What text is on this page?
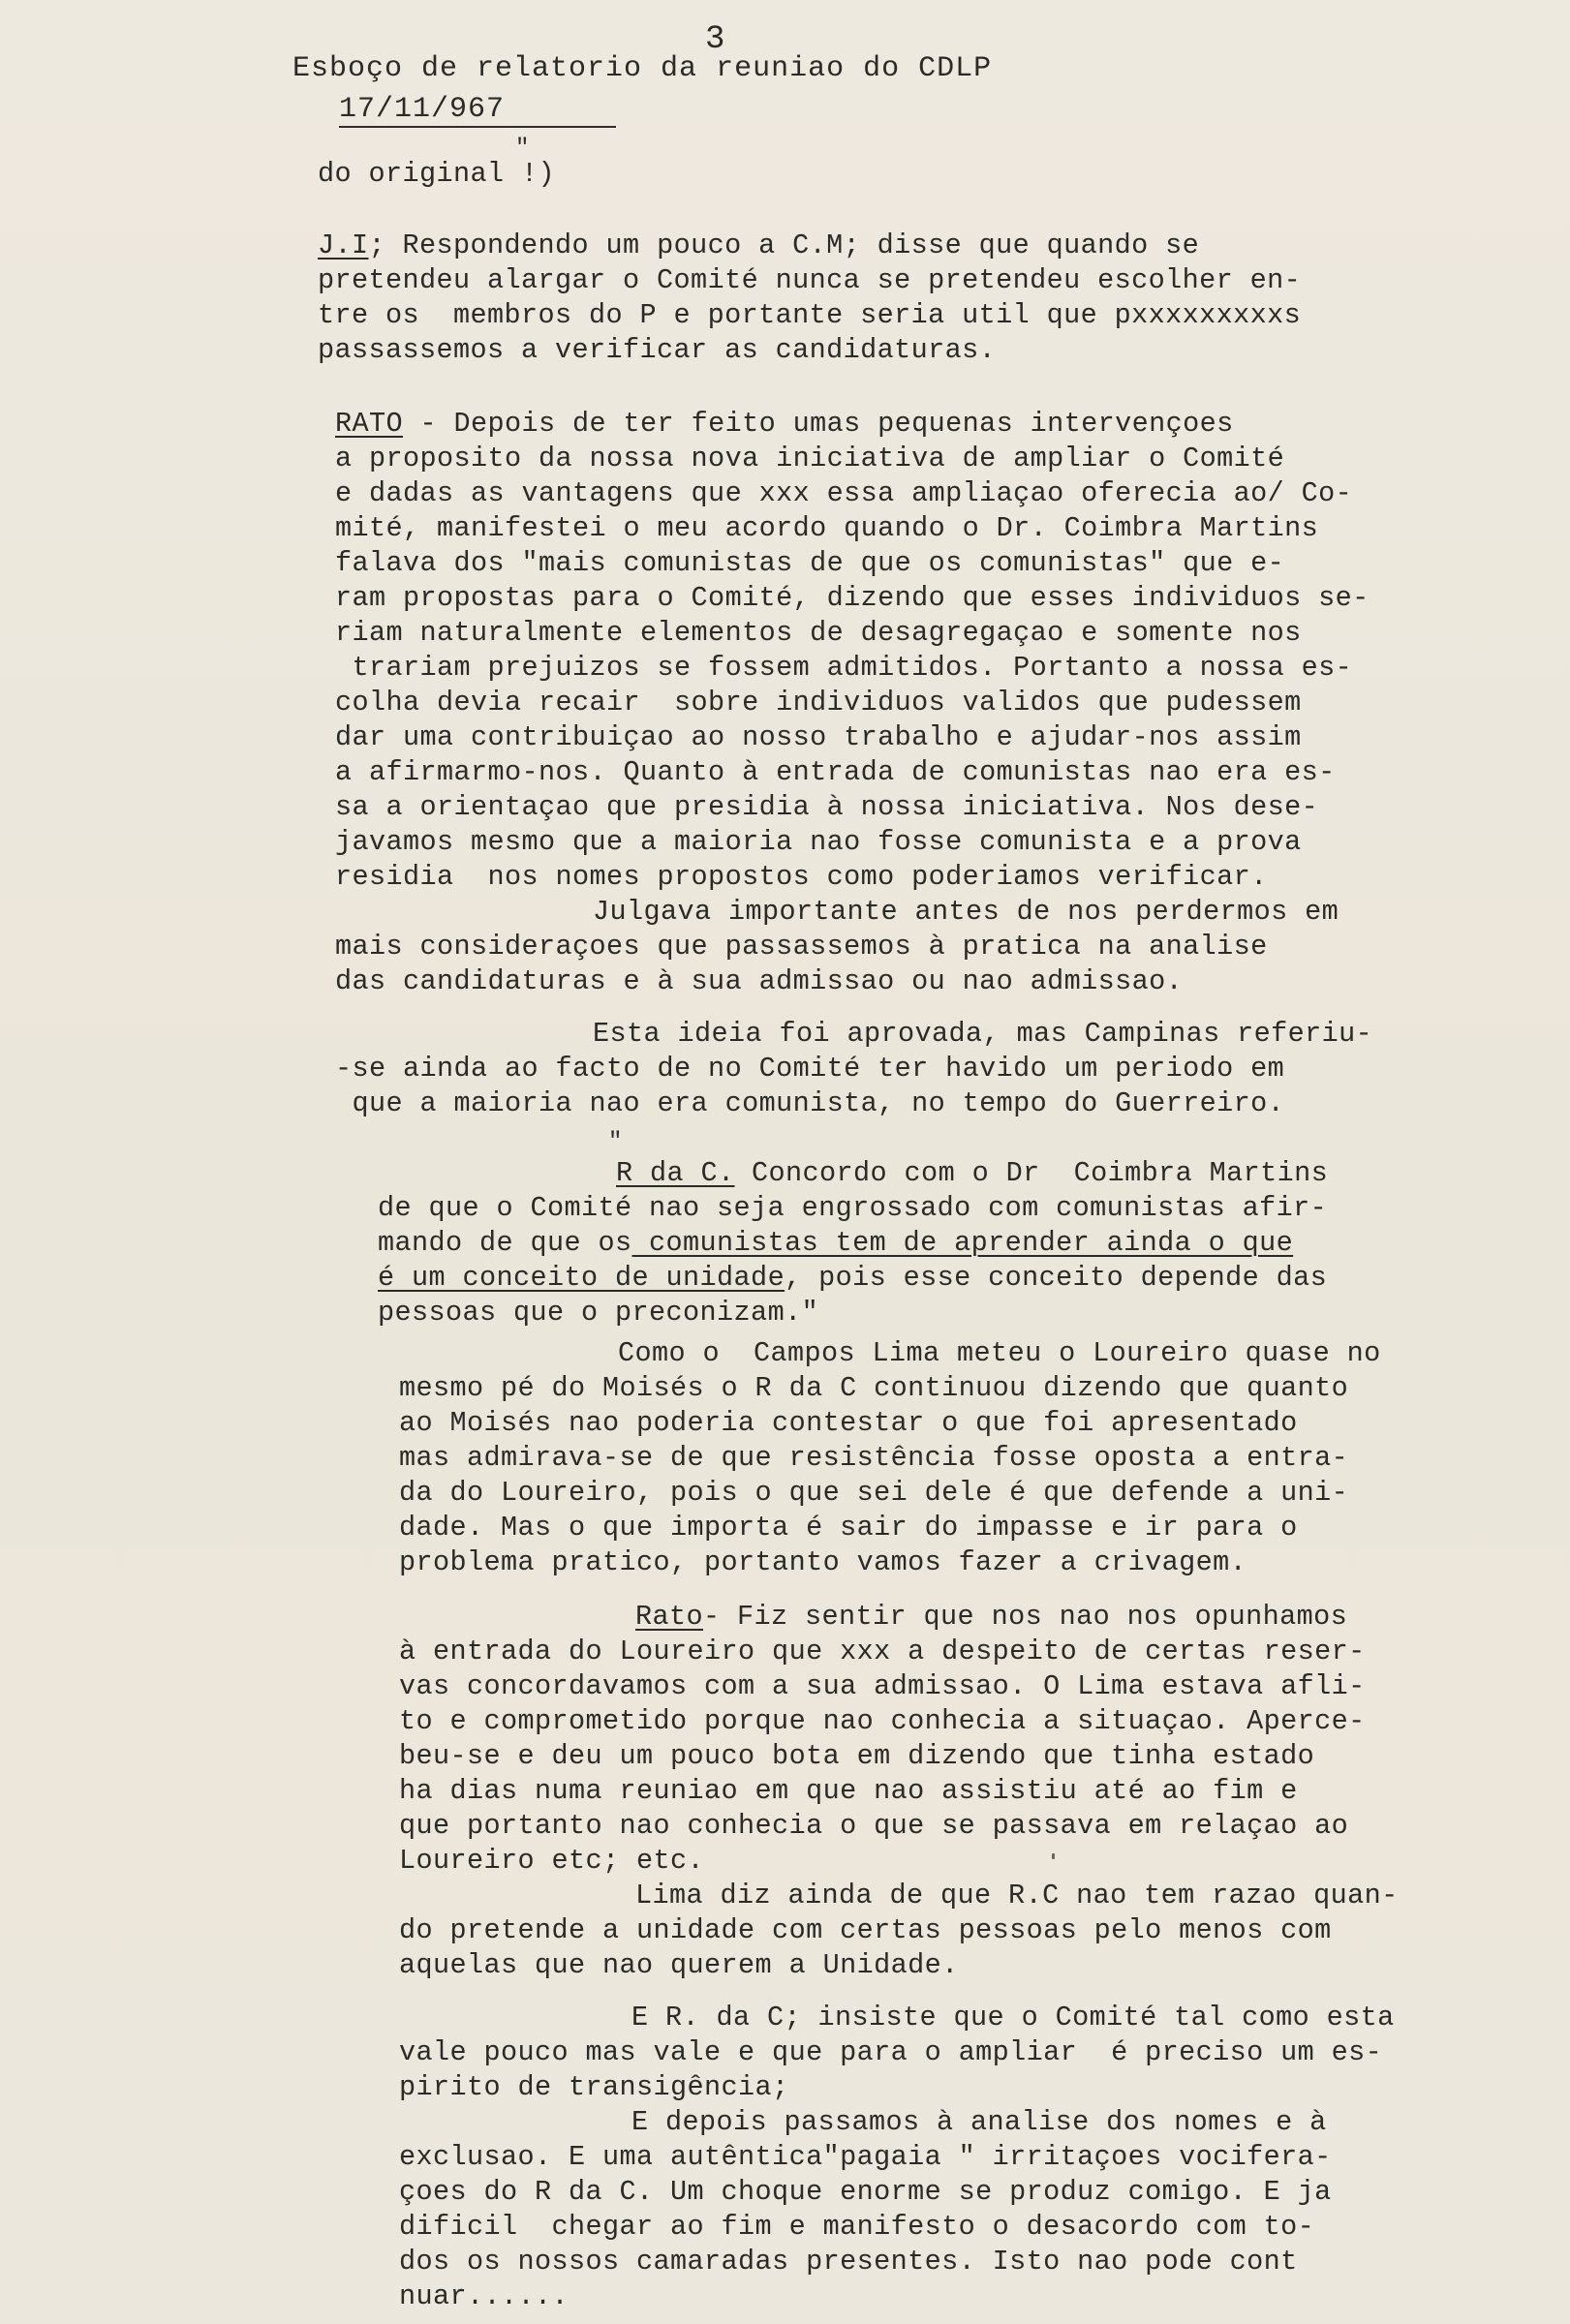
3
Esboço de relatorio da reuniao do CDLP
17/11/967
"
do original !)
J.I; Respondendo um pouco a C.M; disse que quando se
pretendeu alargar o Comité nunca se pretendeu escolher en-
tre os  membros do P e portante seria util que pxxxxxxxxxs
passassemos a verificar as candidaturas.
RATO - Depois de ter feito umas pequenas intervençoes
a proposito da nossa nova iniciativa de ampliar o Comité
e dadas as vantagens que xxx essa ampliaçao oferecia ao/ Co-
mité, manifestei o meu acordo quando o Dr. Coimbra Martins
falava dos "mais comunistas de que os comunistas" que e-
ram propostas para o Comité, dizendo que esses individuos se-
riam naturalmente elementos de desagregaçao e somente nos
trariam prejuizos se fossem admitidos. Portanto a nossa es-
colha devia recair  sobre individuos validos que pudessem
dar uma contribuiçao ao nosso trabalho e ajudar-nos assim
a afirmarmo-nos. Quanto à entrada de comunistas nao era es-
sa a orientaçao que presidia à nossa iniciativa. Nos dese-
javamos mesmo que a maioria nao fosse comunista e a prova
residia  nos nomes propostos como poderiamos verificar.
Julgava importante antes de nos perdermos em
mais consideraçoes que passassemos à pratica na analise
das candidaturas e à sua admissao ou nao admissao.
Esta ideia foi aprovada, mas Campinas referiu-
-se ainda ao facto de no Comité ter havido um periodo em
que a maioria nao era comunista, no tempo do Guerreiro.
"
R da C. Concordo com o Dr  Coimbra Martins
de que o Comité nao seja engrossado com comunistas afir-
mando de que os comunistas tem de aprender ainda o que
é um conceito de unidade, pois esse conceito depende das
pessoas que o preconizam."
Como o  Campos Lima meteu o Loureiro quase no
mesmo pé do Moisés o R da C continuou dizendo que quanto
ao Moisés nao poderia contestar o que foi apresentado
mas admirava-se de que resistência fosse oposta a entra-
da do Loureiro, pois o que sei dele é que defende a uni-
dade. Mas o que importa é sair do impasse e ir para o
problema pratico, portanto vamos fazer a crivagem.
Rato- Fiz sentir que nos nao nos opunhamos
à entrada do Loureiro que xxx a despeito de certas reser-
vas concordavamos com a sua admissao. O Lima estava afli-
to e comprometido porque nao conhecia a situaçao. Aperce-
beu-se e deu um pouco bota em dizendo que tinha estado
ha dias numa reuniao em que nao assistiu até ao fim e
que portanto nao conhecia o que se passava em relaçao ao
Loureiro etc; etc.
Lima diz ainda de que R.C nao tem razao quan-
do pretende a unidade com certas pessoas pelo menos com
aquelas que nao querem a Unidade.
E R. da C; insiste que o Comité tal como esta
vale pouco mas vale e que para o ampliar  é preciso um es-
pirito de transigência;
E depois passamos à analise dos nomes e à
exclusao. E uma autêntica"pagaia " irritaçoes vocifera-
çoes do R da C. Um choque enorme se produz comigo. E ja
dificil  chegar ao fim e manifesto o desacordo com to-
dos os nossos camaradas presentes. Isto nao pode cont
nuar......
